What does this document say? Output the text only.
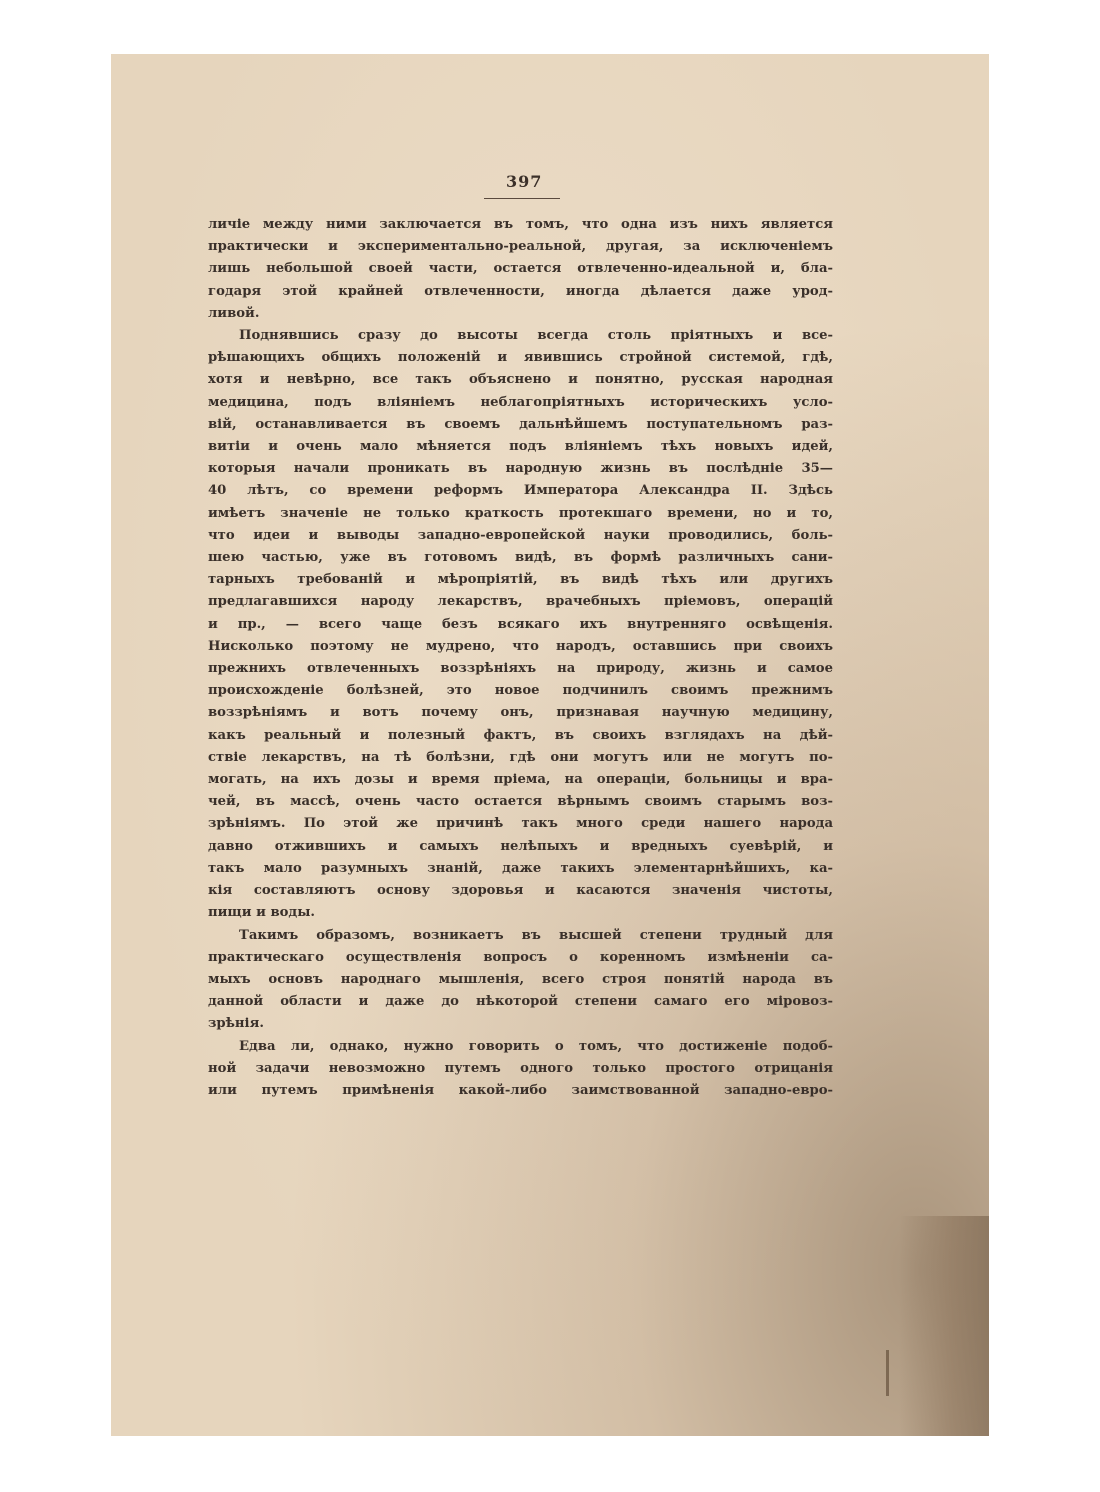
397

личіе между ними заключается въ томъ, что одна изъ нихъ является

практически и экспериментально-реальной, другая, за исключеніемъ

лишь небольшой своей части, остается отвлеченно-идеальной и, бла-

годаря этой крайней отвлеченности, иногда дѣлается даже урод-

ливой.

Поднявшись сразу до высоты всегда столь пріятныхъ и все-

рѣшающихъ общихъ положеній и явившись стройной системой, гдѣ,

хотя и невѣрно, все такъ объяснено и понятно, русская народная

медицина, подъ вліяніемъ неблагопріятныхъ историческихъ усло-

вій, останавливается въ своемъ дальнѣйшемъ поступательномъ раз-

витіи и очень мало мѣняется подъ вліяніемъ тѣхъ новыхъ идей,

которыя начали проникать въ народную жизнь въ послѣдніе 35—

40 лѣтъ, со времени реформъ Императора Александра II. Здѣсь

имѣетъ значеніе не только краткость протекшаго времени, но и то,

что идеи и выводы западно-европейской науки проводились, боль-

шею частью, уже въ готовомъ видѣ, въ формѣ различныхъ сани-

тарныхъ требованій и мѣропріятій, въ видѣ тѣхъ или другихъ

предлагавшихся народу лекарствъ, врачебныхъ пріемовъ, операцій

и пр., — всего чаще безъ всякаго ихъ внутренняго освѣщенія.

Нисколько поэтому не мудрено, что народъ, оставшись при своихъ

прежнихъ отвлеченныхъ воззрѣніяхъ на природу, жизнь и самое

происхожденіе болѣзней, это новое подчинилъ своимъ прежнимъ

воззрѣніямъ и вотъ почему онъ, признавая научную медицину,

какъ реальный и полезный фактъ, въ своихъ взглядахъ на дѣй-

ствіе лекарствъ, на тѣ болѣзни, гдѣ они могутъ или не могутъ по-

могать, на ихъ дозы и время пріема, на операціи, больницы и вра-

чей, въ массѣ, очень часто остается вѣрнымъ своимъ старымъ воз-

зрѣніямъ. По этой же причинѣ такъ много среди нашего народа

давно отжившихъ и самыхъ нелѣпыхъ и вредныхъ суевѣрій, и

такъ мало разумныхъ знаній, даже такихъ элементарнѣйшихъ, ка-

кія составляютъ основу здоровья и касаются значенія чистоты,

пищи и воды.

Такимъ образомъ, возникаетъ въ высшей степени трудный для

практическаго осуществленія вопросъ о коренномъ измѣненіи са-

мыхъ основъ народнаго мышленія, всего строя понятій народа въ

данной области и даже до нѣкоторой степени самаго его міровоз-

зрѣнія.

Едва ли, однако, нужно говорить о томъ, что достиженіе подоб-

ной задачи невозможно путемъ одного только простого отрицанія

или путемъ примѣненія какой-либо заимствованной западно-евро-
